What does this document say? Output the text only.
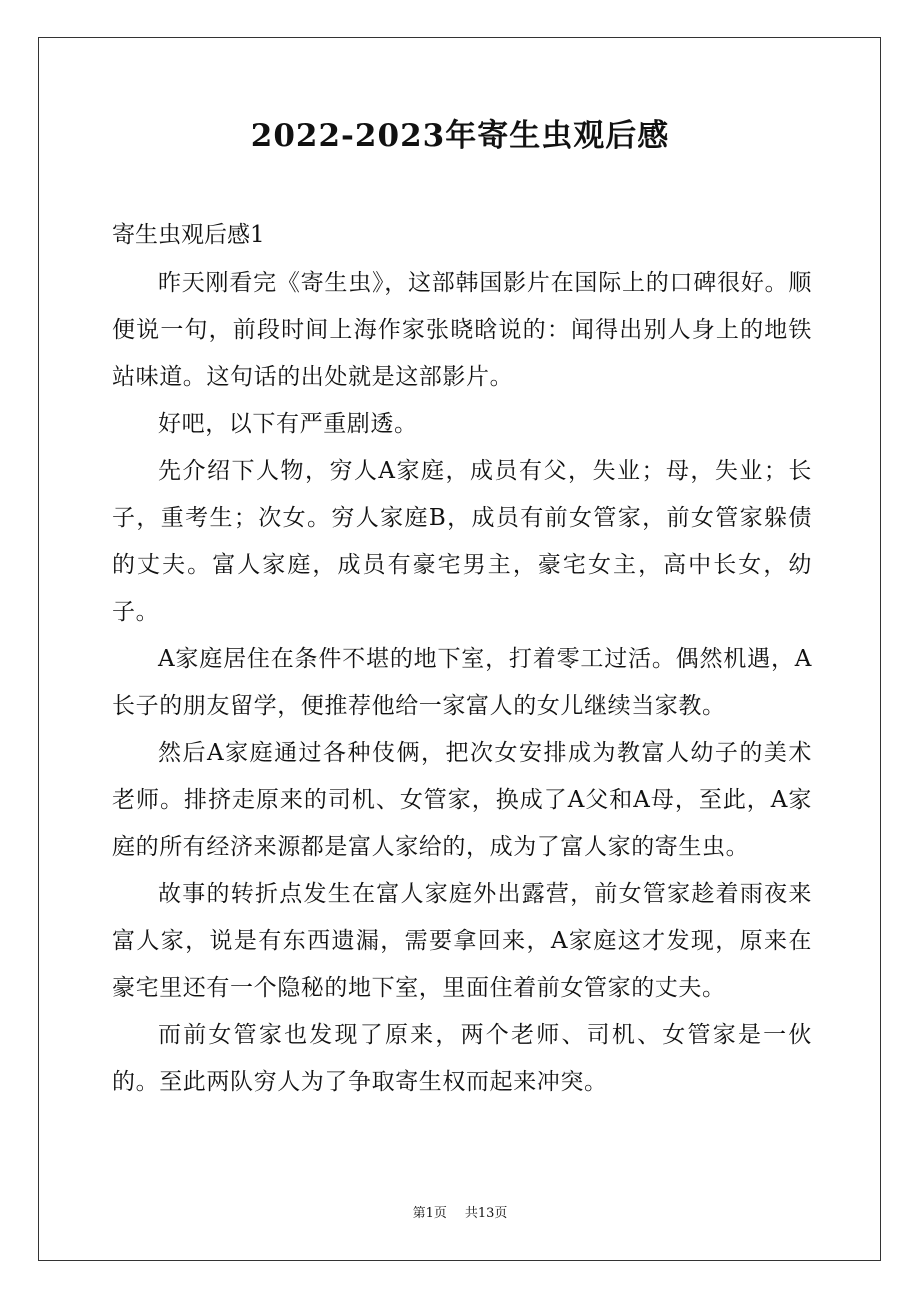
2022-2023年寄生虫观后感

寄生虫观后感1

昨天刚看完《寄生虫》，这部韩国影片在国际上的口碑很好。顺便说一句，前段时间上海作家张晓晗说的：闻得出别人身上的地铁站味道。这句话的出处就是这部影片。

好吧，以下有严重剧透。

先介绍下人物，穷人A家庭，成员有父，失业；母，失业；长子，重考生；次女。穷人家庭B，成员有前女管家，前女管家躲债的丈夫。富人家庭，成员有豪宅男主，豪宅女主，高中长女，幼子。

A家庭居住在条件不堪的地下室，打着零工过活。偶然机遇，A长子的朋友留学，便推荐他给一家富人的女儿继续当家教。

然后A家庭通过各种伎俩，把次女安排成为教富人幼子的美术老师。排挤走原来的司机、女管家，换成了A父和A母，至此，A家庭的所有经济来源都是富人家给的，成为了富人家的寄生虫。

故事的转折点发生在富人家庭外出露营，前女管家趁着雨夜来富人家，说是有东西遗漏，需要拿回来，A家庭这才发现，原来在豪宅里还有一个隐秘的地下室，里面住着前女管家的丈夫。

而前女管家也发现了原来，两个老师、司机、女管家是一伙的。至此两队穷人为了争取寄生权而起来冲突。

第1页 共13页
